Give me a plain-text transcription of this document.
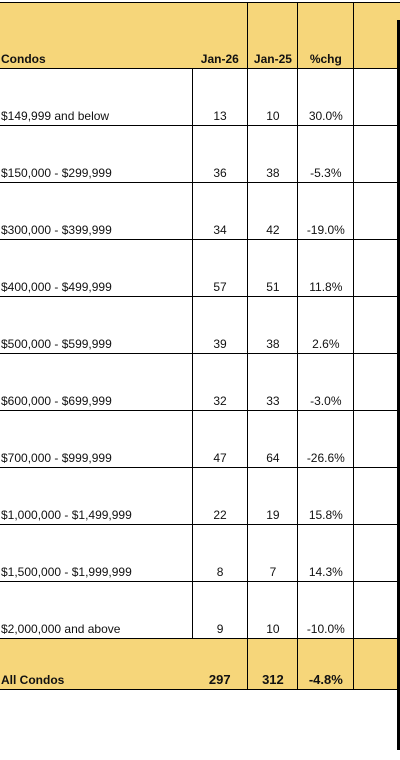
Condos	Jan-26	Jan-25	%chg	
$149,999 and below	13	10	30.0%	
$150,000 - $299,999	36	38	-5.3%	
$300,000 - $399,999	34	42	-19.0%	
$400,000 - $499,999	57	51	11.8%	
$500,000 - $599,999	39	38	2.6%	
$600,000 - $699,999	32	33	-3.0%	
$700,000 - $999,999	47	64	-26.6%	
$1,000,000 - $1,499,999	22	19	15.8%	
$1,500,000 - $1,999,999	8	7	14.3%	
$2,000,000 and above	9	10	-10.0%	
All Condos	297	312	-4.8%	
